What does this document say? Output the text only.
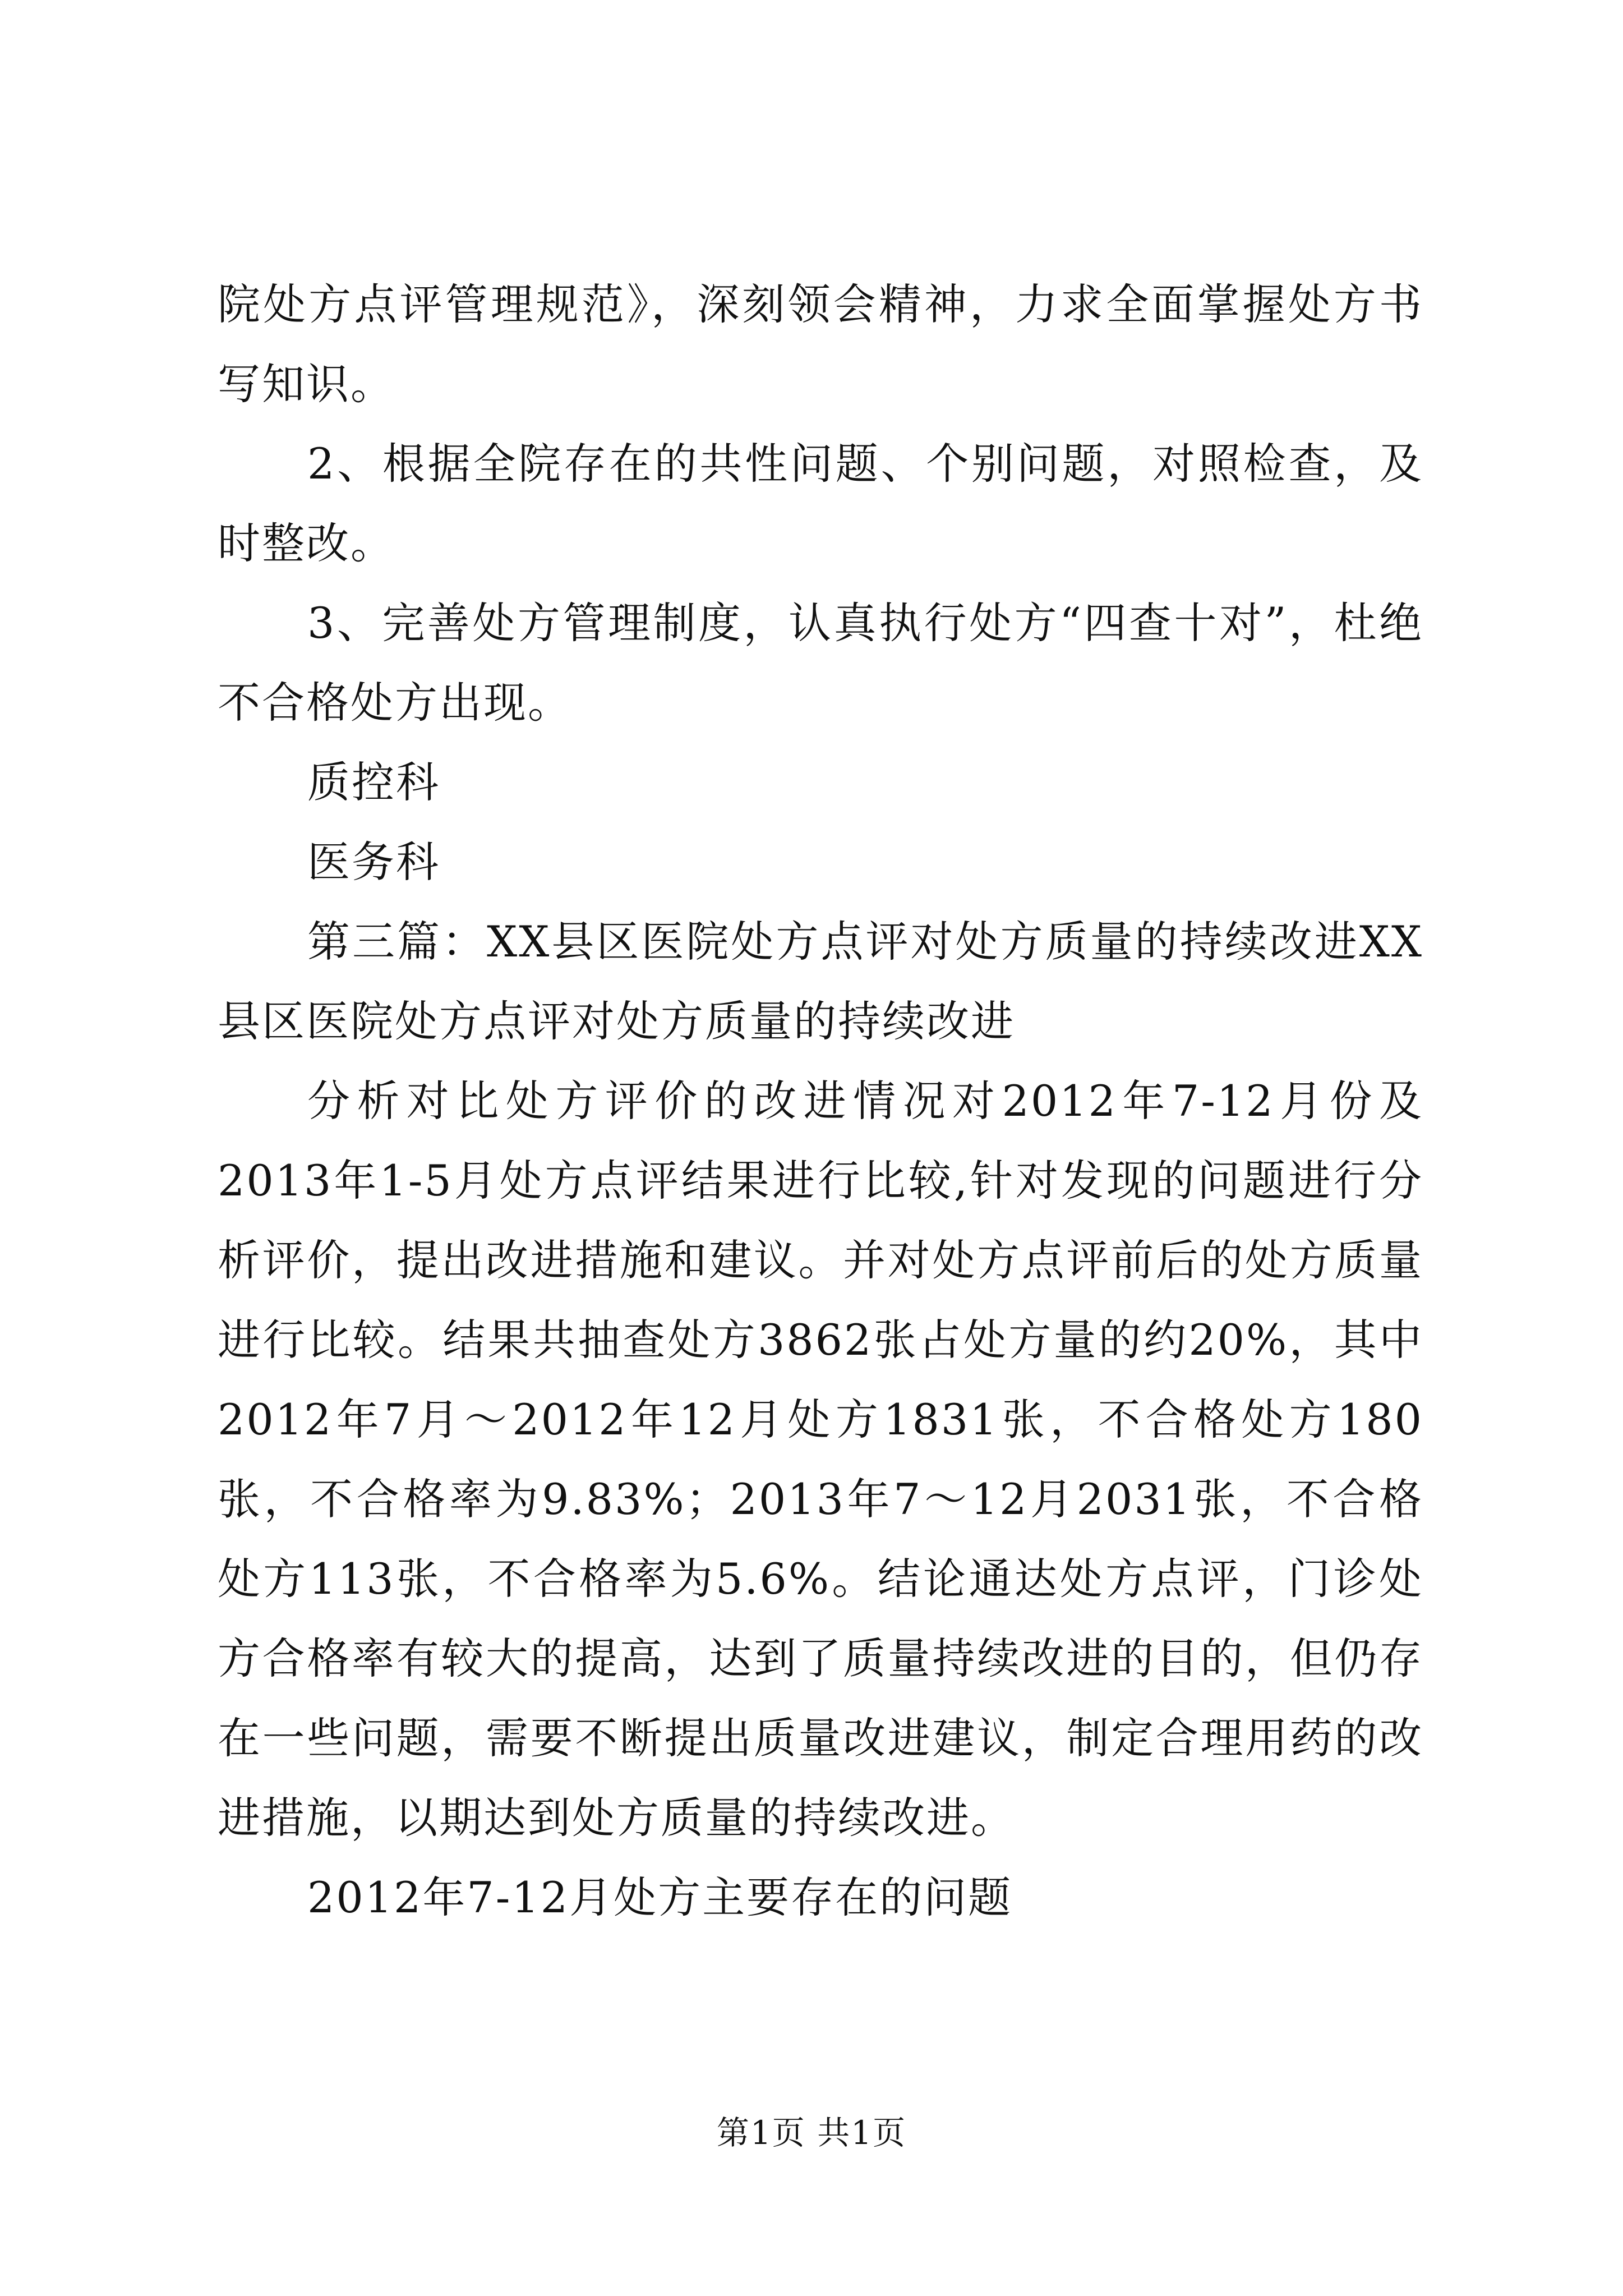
院处方点评管理规范》，深刻领会精神，力求全面掌握处方书写知识。

2、根据全院存在的共性问题、个别问题，对照检查，及时整改。

3、完善处方管理制度，认真执行处方“四查十对”，杜绝不合格处方出现。

质控科

医务科

第三篇：XX县区医院处方点评对处方质量的持续改进XX县区医院处方点评对处方质量的持续改进

分析对比处方评价的改进情况对2012年7-12月份及2013年1-5月处方点评结果进行比较,针对发现的问题进行分析评价，提出改进措施和建议。并对处方点评前后的处方质量进行比较。结果共抽查处方3862张占处方量的约20%，其中2012年7月～2012年12月处方1831张，不合格处方180张，不合格率为9.83%；2013年7～12月2031张，不合格处方113张，不合格率为5.6%。结论通达处方点评，门诊处方合格率有较大的提高，达到了质量持续改进的目的，但仍存在一些问题，需要不断提出质量改进建议，制定合理用药的改进措施，以期达到处方质量的持续改进。

2012年7-12月处方主要存在的问题

第1页 共1页
